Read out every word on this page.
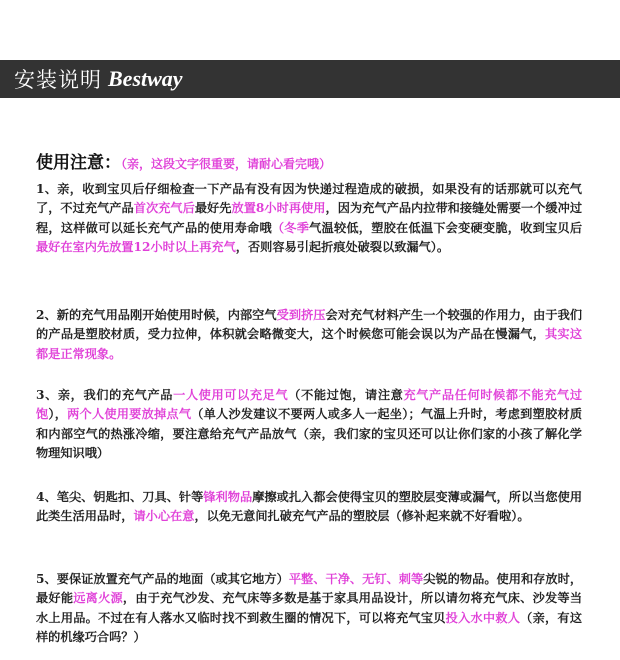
安装说明 Bestway
使用注意：（亲，这段文字很重要，请耐心看完哦）
1、亲，收到宝贝后仔细检查一下产品有没有因为快递过程造成的破损，如果没有的话那就可以充气了，不过充气产品首次充气后最好先放置8小时再使用，因为充气产品内拉带和接缝处需要一个缓冲过程，这样做可以延长充气产品的使用寿命哦（冬季气温较低，塑胶在低温下会变硬变脆，收到宝贝后最好在室内先放置12小时以上再充气，否则容易引起折痕处破裂以致漏气）。
2、新的充气用品刚开始使用时候，内部空气受到挤压会对充气材料产生一个较强的作用力，由于我们的产品是塑胶材质，受力拉伸，体积就会略微变大，这个时候您可能会误以为产品在慢漏气，其实这都是正常现象。
3、亲，我们的充气产品一人使用可以充足气（不能过饱，请注意充气产品任何时候都不能充气过饱），两个人使用要放掉点气（单人沙发建议不要两人或多人一起坐）；气温上升时，考虑到塑胶材质和内部空气的热涨冷缩，要注意给充气产品放气（亲，我们家的宝贝还可以让你们家的小孩了解化学物理知识哦）
4、笔尖、钥匙扣、刀具、针等锋利物品摩擦或扎入都会使得宝贝的塑胶层变薄或漏气，所以当您使用此类生活用品时，请小心在意，以免无意间扎破充气产品的塑胶层（修补起来就不好看啦）。
5、要保证放置充气产品的地面（或其它地方）平整、干净、无钉、刺等尖锐的物品。使用和存放时，最好能远离火源，由于充气沙发、充气床等多数是基于家具用品设计，所以请勿将充气床、沙发等当水上用品。不过在有人落水又临时找不到救生圈的情况下，可以将充气宝贝投入水中救人（亲，有这样的机缘巧合吗？）
